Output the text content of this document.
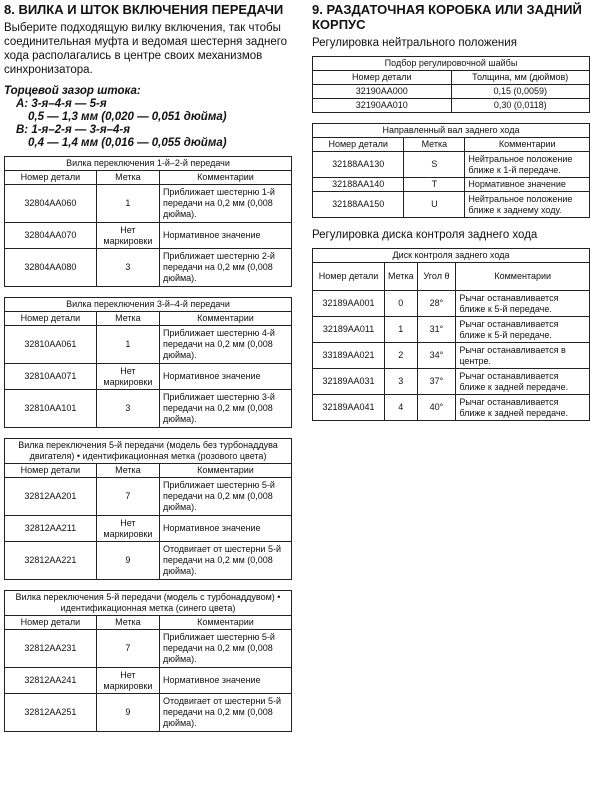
8. ВИЛКА И ШТОК ВКЛЮЧЕНИЯ ПЕРЕДАЧИ
Выберите подходящую вилку включения, так чтобы соединительная муфта и ведомая шестерня заднего хода располагались в центре своих механизмов синхронизатора.
Торцевой зазор штока:
A: 3-я–4-я — 5-я
0,5 — 1,3 мм (0,020 — 0,051 дюйма)
B: 1-я–2-я — 3-я–4-я
0,4 — 1,4 мм (0,016 — 0,055 дюйма)
Вилка переключения 1-й–2-й передачи		
Номер детали	Метка	Комментарии
32804AA060	1	Приближает шестерню 1-й передачи на 0,2 мм (0,008 дюйма).
32804AA070	Нет маркировки	Нормативное значение
32804AA080	3	Приближает шестерню 2-й передачи на 0,2 мм (0,008 дюйма).
Вилка переключения 3-й–4-й передачи		
Номер детали	Метка	Комментарии
32810AA061	1	Приближает шестерню 4-й передачи на 0,2 мм (0,008 дюйма).
32810AA071	Нет маркировки	Нормативное значение
32810AA101	3	Приближает шестерню 3-й передачи на 0,2 мм (0,008 дюйма).
Вилка переключения 5-й передачи (модель без турбонаддува двигателя) • идентификационная метка (розового цвета)		
Номер детали	Метка	Комментарии
32812AA201	7	Приближает шестерню 5-й передачи на 0,2 мм (0,008 дюйма).
32812AA211	Нет маркировки	Нормативное значение
32812AA221	9	Отодвигает от шестерни 5-й передачи на 0,2 мм (0,008 дюйма).
Вилка переключения 5-й передачи (модель с турбонаддувом) • идентификационная метка (синего цвета)		
Номер детали	Метка	Комментарии
32812AA231	7	Приближает шестерню 5-й передачи на 0,2 мм (0,008 дюйма).
32812AA241	Нет маркировки	Нормативное значение
32812AA251	9	Отодвигает от шестерни 5-й передачи на 0,2 мм (0,008 дюйма).
9. РАЗДАТОЧНАЯ КОРОБКА ИЛИ ЗАДНИЙ КОРПУС
Регулировка нейтрального положения
Подбор регулировочной шайбы	
Номер детали	Толщина, мм (дюймов)
32190AA000	0,15 (0,0059)
32190AA010	0,30 (0,0118)
Направленный вал заднего хода		
Номер детали	Метка	Комментарии
32188AA130	S	Нейтральное положение ближе к 1-й передаче.
32188AA140	T	Нормативное значение
32188AA150	U	Нейтральное положение ближе к заднему ходу.
Регулировка диска контроля заднего хода
Диск контроля заднего хода			
Номер детали	Метка	Угол θ	Комментарии
32189AA001	0	28°	Рычаг останавливается ближе к 5-й передаче.
32189AA011	1	31°	Рычаг останавливается ближе к 5-й передаче.
33189AA021	2	34°	Рычаг останавливается в центре.
32189AA031	3	37°	Рычаг останавливается ближе к задней передаче.
32189AA041	4	40°	Рычаг останавливается ближе к задней передаче.
